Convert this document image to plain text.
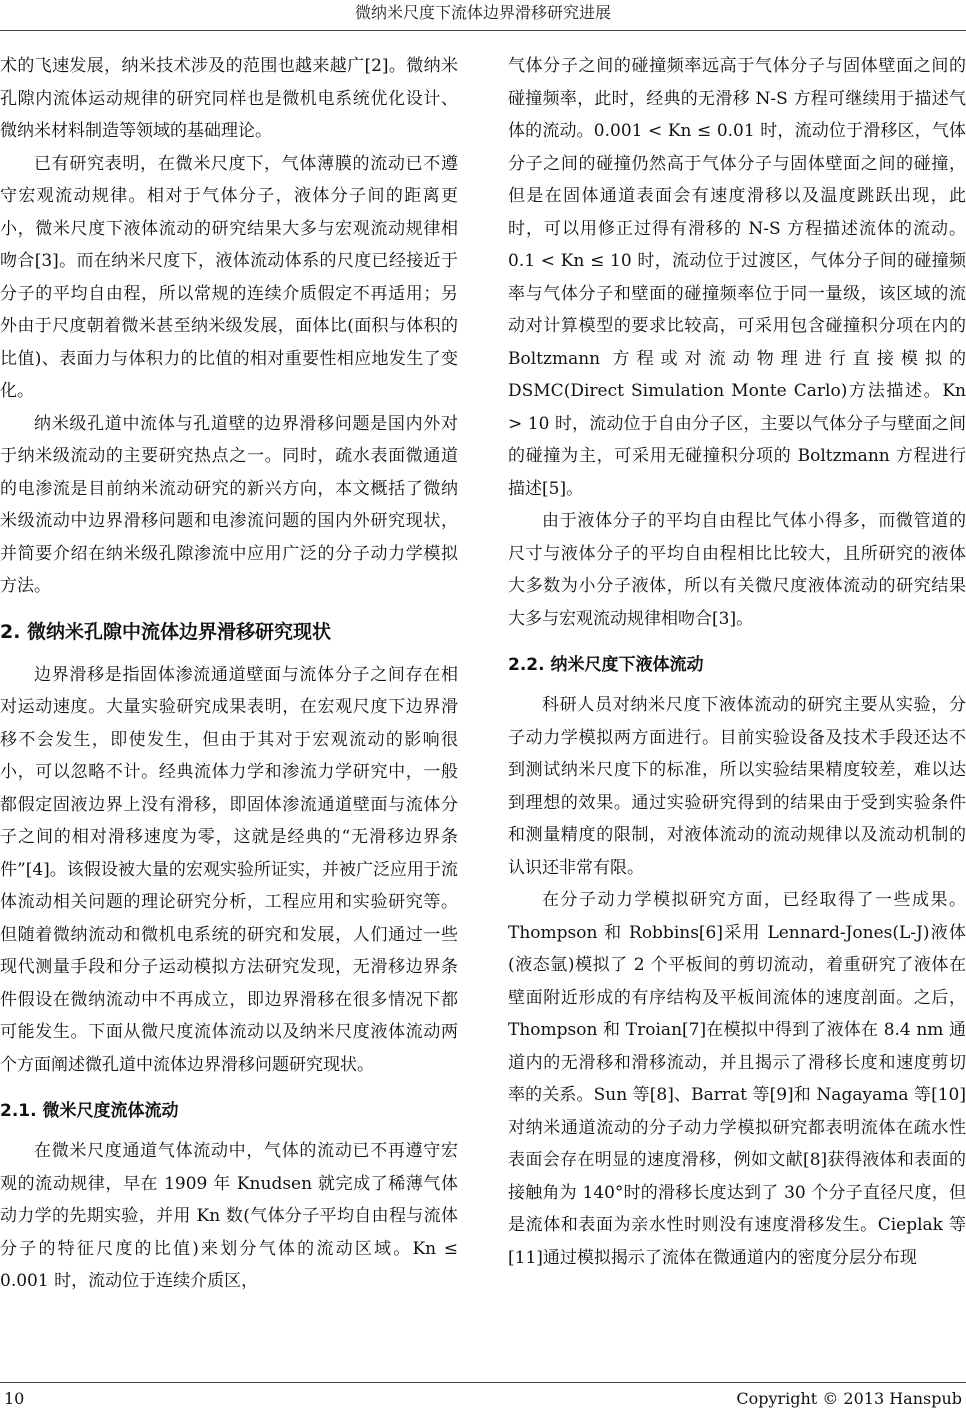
微纳米尺度下流体边界滑移研究进展

术的飞速发展，纳米技术涉及的范围也越来越广[2]。微纳米孔隙内流体运动规律的研究同样也是微机电系统优化设计、微纳米材料制造等领域的基础理论。

已有研究表明，在微米尺度下，气体薄膜的流动已不遵守宏观流动规律。相对于气体分子，液体分子间的距离更小，微米尺度下液体流动的研究结果大多与宏观流动规律相吻合[3]。而在纳米尺度下，液体流动体系的尺度已经接近于分子的平均自由程，所以常规的连续介质假定不再适用；另外由于尺度朝着微米甚至纳米级发展，面体比(面积与体积的比值)、表面力与体积力的比值的相对重要性相应地发生了变化。

纳米级孔道中流体与孔道壁的边界滑移问题是国内外对于纳米级流动的主要研究热点之一。同时，疏水表面微通道的电渗流是目前纳米流动研究的新兴方向，本文概括了微纳米级流动中边界滑移问题和电渗流问题的国内外研究现状，并简要介绍在纳米级孔隙渗流中应用广泛的分子动力学模拟方法。

2. 微纳米孔隙中流体边界滑移研究现状

边界滑移是指固体渗流通道壁面与流体分子之间存在相对运动速度。大量实验研究成果表明，在宏观尺度下边界滑移不会发生，即使发生，但由于其对于宏观流动的影响很小，可以忽略不计。经典流体力学和渗流力学研究中，一般都假定固液边界上没有滑移，即固体渗流通道壁面与流体分子之间的相对滑移速度为零，这就是经典的“无滑移边界条件”[4]。该假设被大量的宏观实验所证实，并被广泛应用于流体流动相关问题的理论研究分析，工程应用和实验研究等。但随着微纳流动和微机电系统的研究和发展，人们通过一些现代测量手段和分子运动模拟方法研究发现，无滑移边界条件假设在微纳流动中不再成立，即边界滑移在很多情况下都可能发生。下面从微尺度流体流动以及纳米尺度液体流动两个方面阐述微孔道中流体边界滑移问题研究现状。

2.1. 微米尺度流体流动

在微米尺度通道气体流动中，气体的流动已不再遵守宏观的流动规律，早在 1909 年 Knudsen 就完成了稀薄气体动力学的先期实验，并用 Kn 数(气体分子平均自由程与流体分子的特征尺度的比值)来划分气体的流动区域。Kn ≤ 0.001 时，流动位于连续介质区，

气体分子之间的碰撞频率远高于气体分子与固体壁面之间的碰撞频率，此时，经典的无滑移 N-S 方程可继续用于描述气体的流动。0.001 < Kn ≤ 0.01 时，流动位于滑移区，气体分子之间的碰撞仍然高于气体分子与固体壁面之间的碰撞，但是在固体通道表面会有速度滑移以及温度跳跃出现，此时，可以用修正过得有滑移的 N-S 方程描述流体的流动。0.1 < Kn ≤ 10 时，流动位于过渡区，气体分子间的碰撞频率与气体分子和壁面的碰撞频率位于同一量级，该区域的流动对计算模型的要求比较高，可采用包含碰撞积分项在内的 Boltzmann 方程或对流动物理进行直接模拟的 DSMC(Direct Simulation Monte Carlo)方法描述。Kn > 10 时，流动位于自由分子区，主要以气体分子与壁面之间的碰撞为主，可采用无碰撞积分项的 Boltzmann 方程进行描述[5]。

由于液体分子的平均自由程比气体小得多，而微管道的尺寸与液体分子的平均自由程相比比较大，且所研究的液体大多数为小分子液体，所以有关微尺度液体流动的研究结果大多与宏观流动规律相吻合[3]。

2.2. 纳米尺度下液体流动

科研人员对纳米尺度下液体流动的研究主要从实验，分子动力学模拟两方面进行。目前实验设备及技术手段还达不到测试纳米尺度下的标准，所以实验结果精度较差，难以达到理想的效果。通过实验研究得到的结果由于受到实验条件和测量精度的限制，对液体流动的流动规律以及流动机制的认识还非常有限。

在分子动力学模拟研究方面，已经取得了一些成果。Thompson 和 Robbins[6]采用 Lennard-Jones(L-J)液体(液态氩)模拟了 2 个平板间的剪切流动，着重研究了液体在壁面附近形成的有序结构及平板间流体的速度剖面。之后，Thompson 和 Troian[7]在模拟中得到了液体在 8.4 nm 通道内的无滑移和滑移流动，并且揭示了滑移长度和速度剪切率的关系。Sun 等[8]、Barrat 等[9]和 Nagayama 等[10]对纳米通道流动的分子动力学模拟研究都表明流体在疏水性表面会存在明显的速度滑移，例如文献[8]获得液体和表面的接触角为 140°时的滑移长度达到了 30 个分子直径尺度，但是流体和表面为亲水性时则没有速度滑移发生。Cieplak 等[11]通过模拟揭示了流体在微通道内的密度分层分布现

10	Copyright © 2013 Hanspub
